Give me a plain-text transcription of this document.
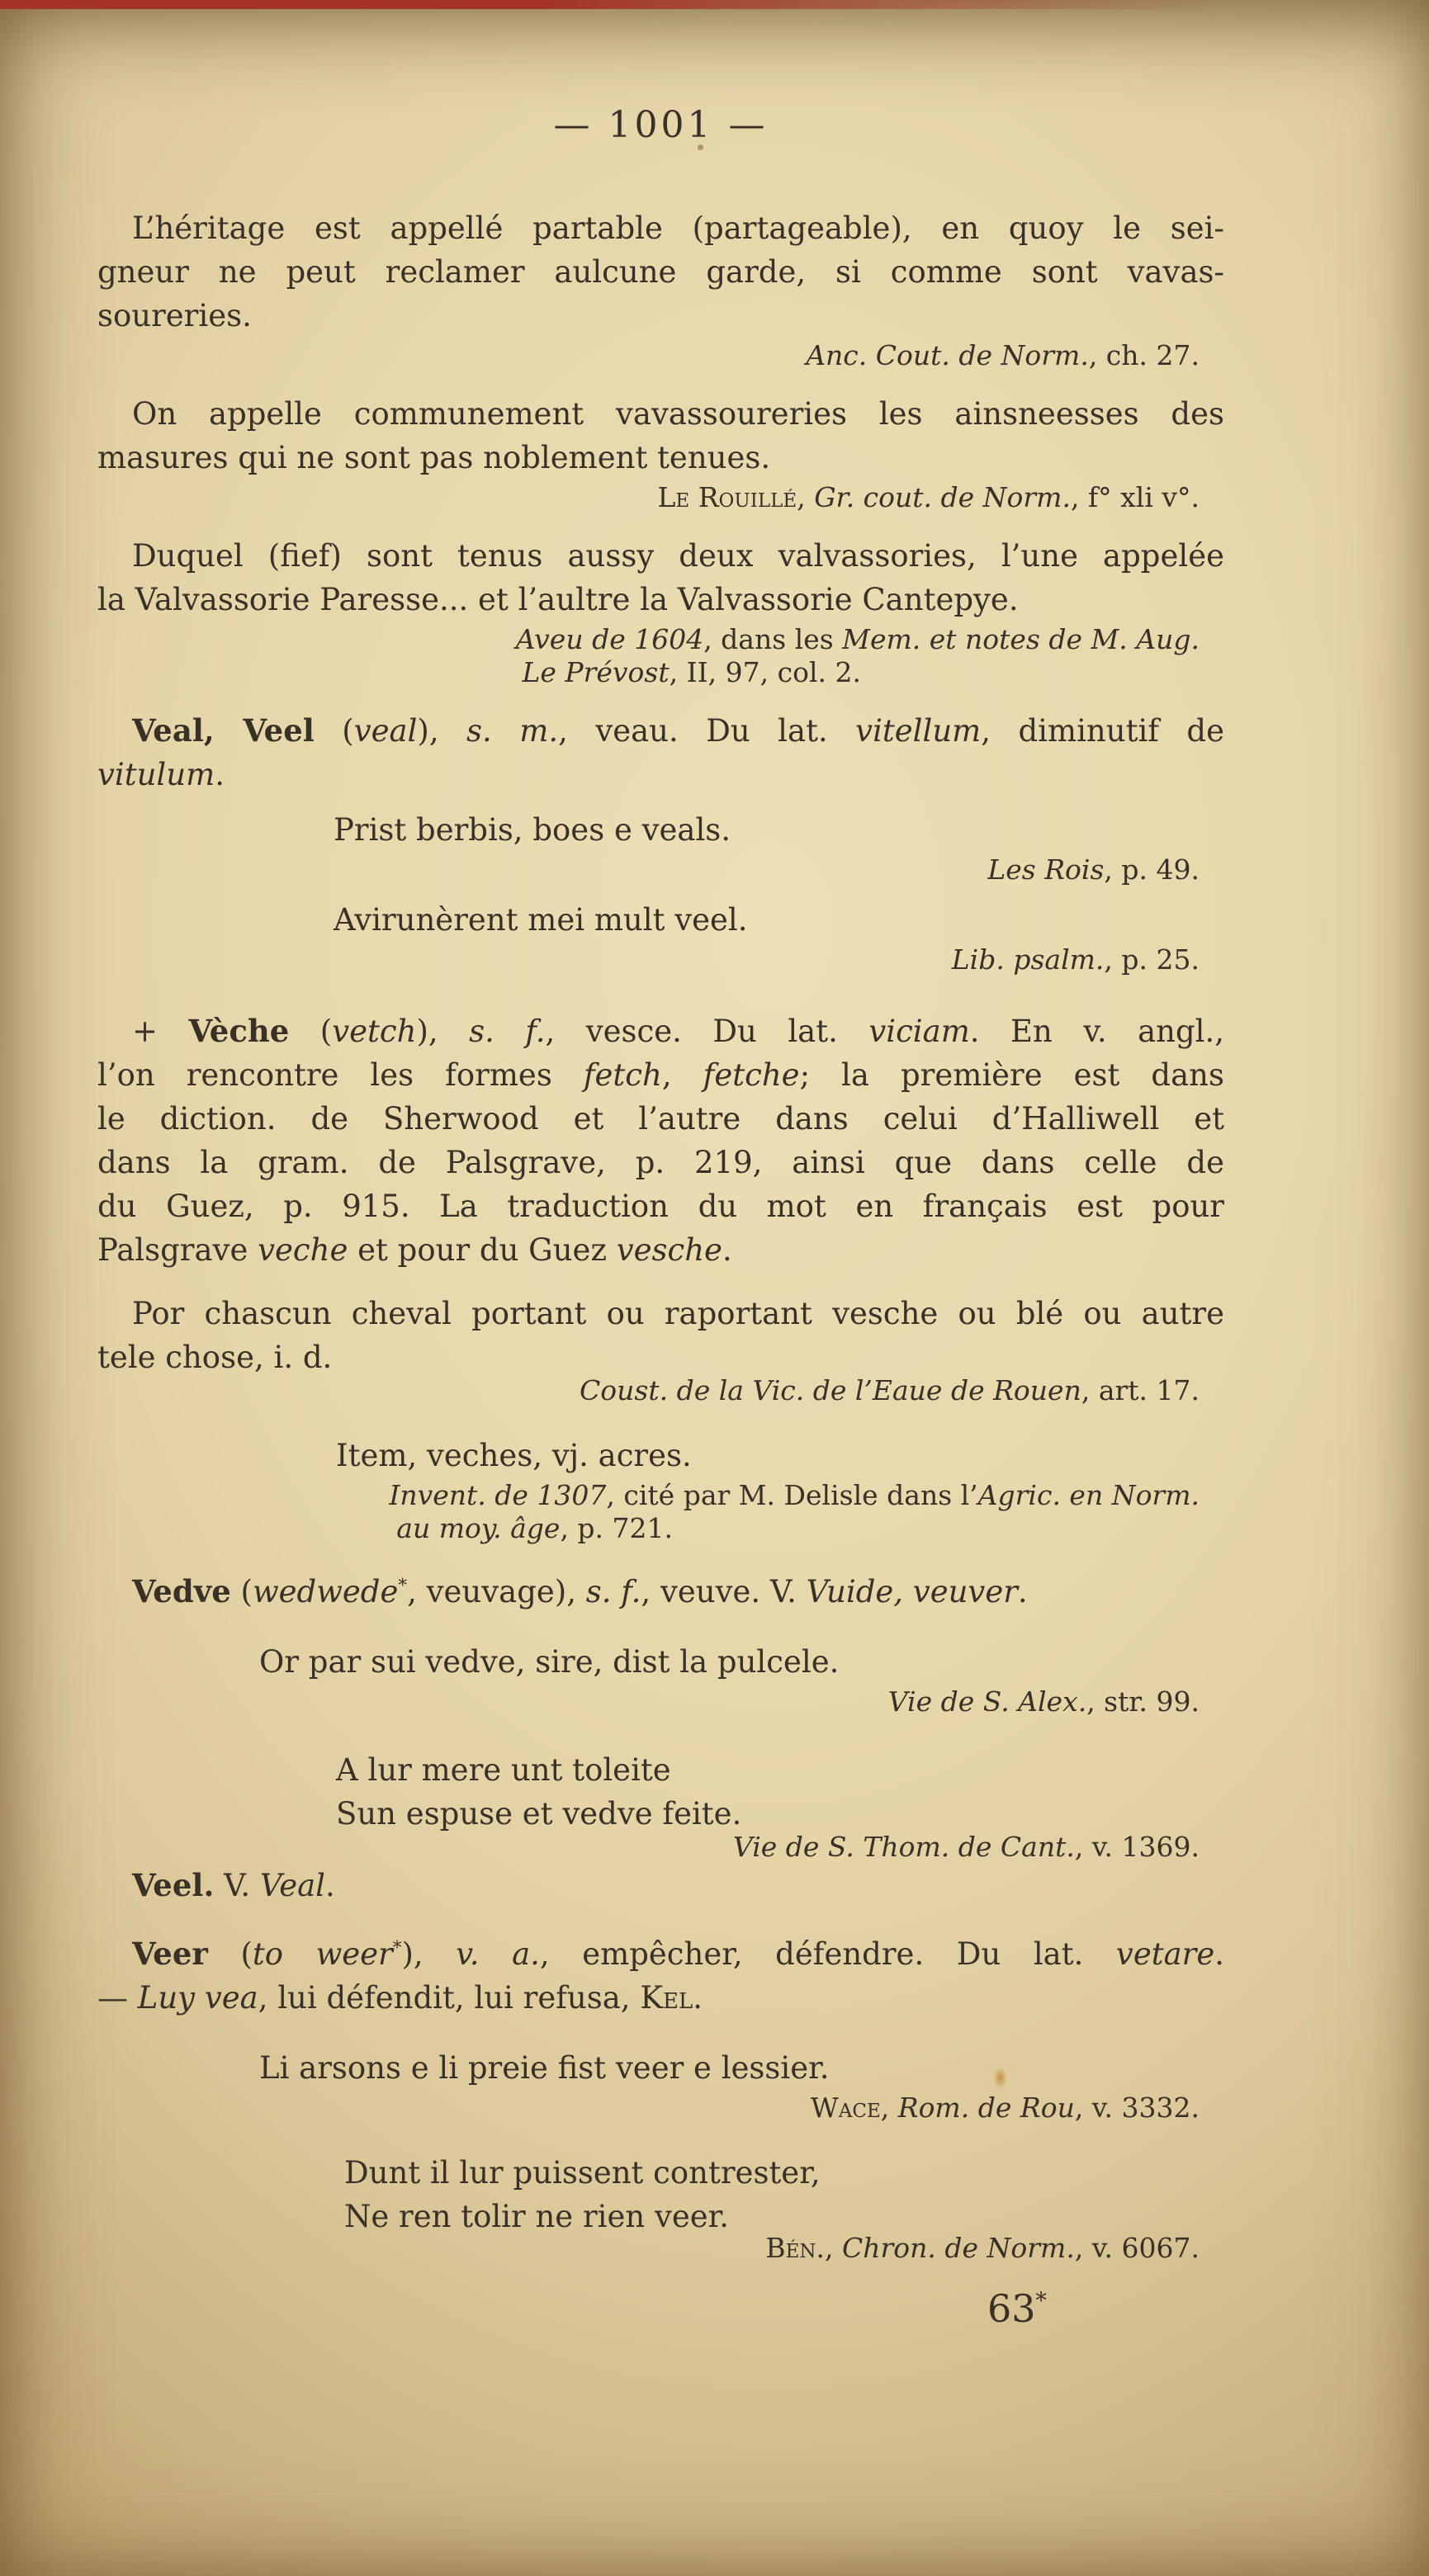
— 1001 —
L’héritage est appellé partable (partageable), en quoy le sei-
gneur ne peut reclamer aulcune garde, si comme sont vavas-
soureries.
Anc. Cout. de Norm., ch. 27.
On appelle communement vavassoureries les ainsneesses des
masures qui ne sont pas noblement tenues.
Le Rouillé, Gr. cout. de Norm., f° xli v°.
Duquel (fief) sont tenus aussy deux valvassories, l’une appelée
la Valvassorie Paresse... et l’aultre la Valvassorie Cantepye.
Aveu de 1604, dans les Mem. et notes de M. Aug.
Le Prévost, II, 97, col. 2.
Veal, Veel (veal), s. m., veau. Du lat. vitellum, diminutif de
vitulum.
Prist berbis, boes e veals.
Les Rois, p. 49.
Avirunèrent mei mult veel.
Lib. psalm., p. 25.
+ Vèche (vetch), s. f., vesce. Du lat. viciam. En v. angl.,
l’on rencontre les formes fetch, fetche; la première est dans
le diction. de Sherwood et l’autre dans celui d’Halliwell et
dans la gram. de Palsgrave, p. 219, ainsi que dans celle de
du Guez, p. 915. La traduction du mot en français est pour
Palsgrave veche et pour du Guez vesche.
Por chascun cheval portant ou raportant vesche ou blé ou autre
tele chose, i. d.
Coust. de la Vic. de l’Eaue de Rouen, art. 17.
Item, veches, vj. acres.
Invent. de 1307, cité par M. Delisle dans l’Agric. en Norm.
au moy. âge, p. 721.
Vedve (wedwede*, veuvage), s. f., veuve. V. Vuide, veuver.
Or par sui vedve, sire, dist la pulcele.
Vie de S. Alex., str. 99.
A lur mere unt toleite
Sun espuse et vedve feite.
Vie de S. Thom. de Cant., v. 1369.
Veel. V. Veal.
Veer (to weer*), v. a., empêcher, défendre. Du lat. vetare.
— Luy vea, lui défendit, lui refusa, Kel.
Li arsons e li preie fist veer e lessier.
Wace, Rom. de Rou, v. 3332.
Dunt il lur puissent contrester,
Ne ren tolir ne rien veer.
Bén., Chron. de Norm., v. 6067.
63*
